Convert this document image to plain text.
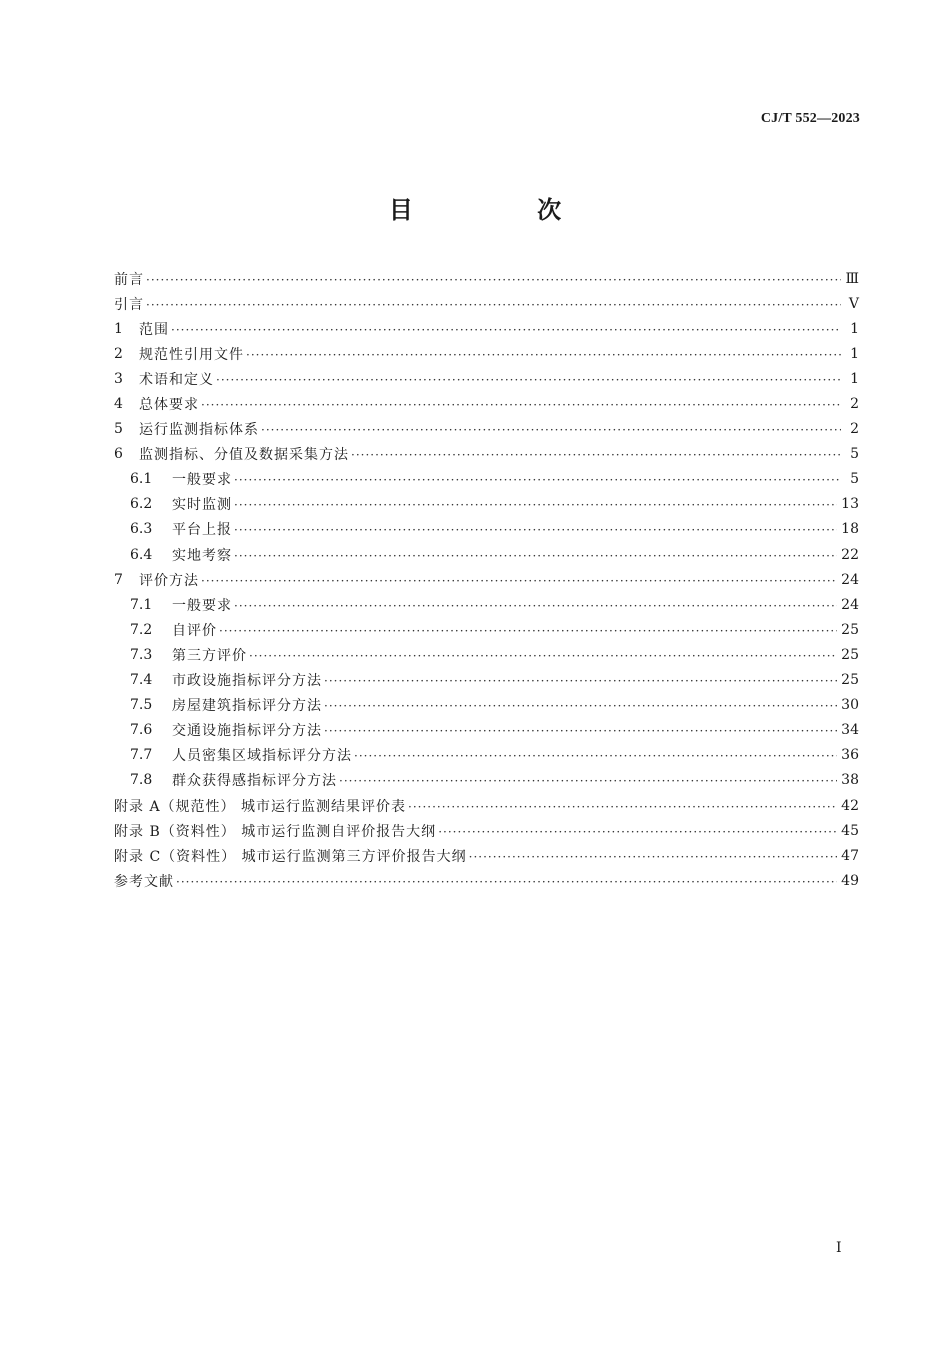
CJ/T 552—2023
目 次
前言 ·····	Ⅲ
引言 ·····	Ⅴ
1	范围 ·····	1
2	规范性引用文件 ·····	1
3	术语和定义 ·····	1
4	总体要求 ·····	2
5	运行监测指标体系 ·····	2
6	监测指标、分值及数据采集方法 ·····	5
6.1	一般要求 ·····	5
6.2	实时监测 ·····	13
6.3	平台上报 ·····	18
6.4	实地考察 ·····	22
7	评价方法 ·····	24
7.1	一般要求 ·····	24
7.2	自评价 ·····	25
7.3	第三方评价 ·····	25
7.4	市政设施指标评分方法 ·····	25
7.5	房屋建筑指标评分方法 ·····	30
7.6	交通设施指标评分方法 ·····	34
7.7	人员密集区域指标评分方法 ·····	36
7.8	群众获得感指标评分方法 ·····	38
附录 A（规范性） 城市运行监测结果评价表 ·····	42
附录 B（资料性） 城市运行监测自评价报告大纲 ·····	45
附录 C（资料性） 城市运行监测第三方评价报告大纲 ·····	47
参考文献 ·····	49
Ⅰ
